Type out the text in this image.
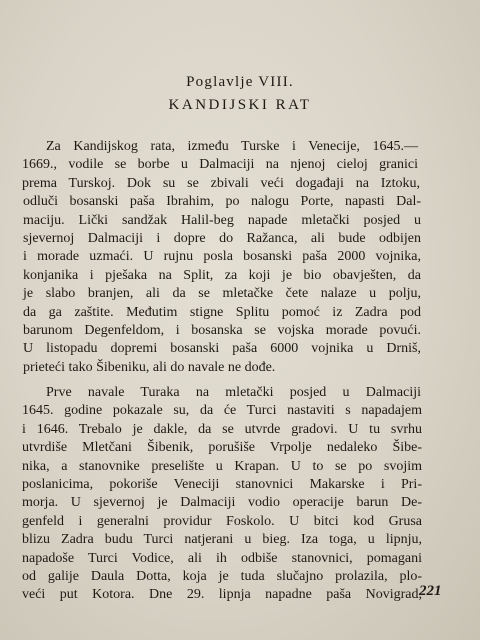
Poglavlje VIII.
KANDIJSKI RAT
Za Kandijskog rata, između Turske i Venecije, 1645.—
1669., vodile se borbe u Dalmaciji na njenoj cieloj granici
prema Turskoj. Dok su se zbivali veći događaji na Iztoku,
odluči bosanski paša Ibrahim, po nalogu Porte, napasti Dal-
maciju. Lički sandžak Halil-beg napade mletački posjed u
sjevernoj Dalmaciji i dopre do Ražanca, ali bude odbijen
i morade uzmaći. U rujnu posla bosanski paša 2000 vojnika,
konjanika i pješaka na Split, za koji je bio obavješten, da
je slabo branjen, ali da se mletačke čete nalaze u polju,
da ga zaštite. Međutim stigne Splitu pomoć iz Zadra pod
barunom Degenfeldom, i bosanska se vojska morade povući.
U listopadu dopremi bosanski paša 6000 vojnika u Drniš,
prieteći tako Šibeniku, ali do navale ne dođe.
Prve navale Turaka na mletački posjed u Dalmaciji
1645. godine pokazale su, da će Turci nastaviti s napadajem
i 1646. Trebalo je dakle, da se utvrde gradovi. U tu svrhu
utvrdiše Mletčani Šibenik, porušiše Vrpolje nedaleko Šibe-
nika, a stanovnike preselište u Krapan. U to se po svojim
poslanicima, pokoriše Veneciji stanovnici Makarske i Pri-
morja. U sjevernoj je Dalmaciji vodio operacije barun De-
genfeld i generalni providur Foskolo. U bitci kod Grusa
blizu Zadra budu Turci natjerani u bieg. Iza toga, u lipnju,
napadoše Turci Vodice, ali ih odbiše stanovnici, pomagani
od galije Daula Dotta, koja je tuda slučajno prolazila, plo-
veći put Kotora. Dne 29. lipnja napadne paša Novigrad,
221
